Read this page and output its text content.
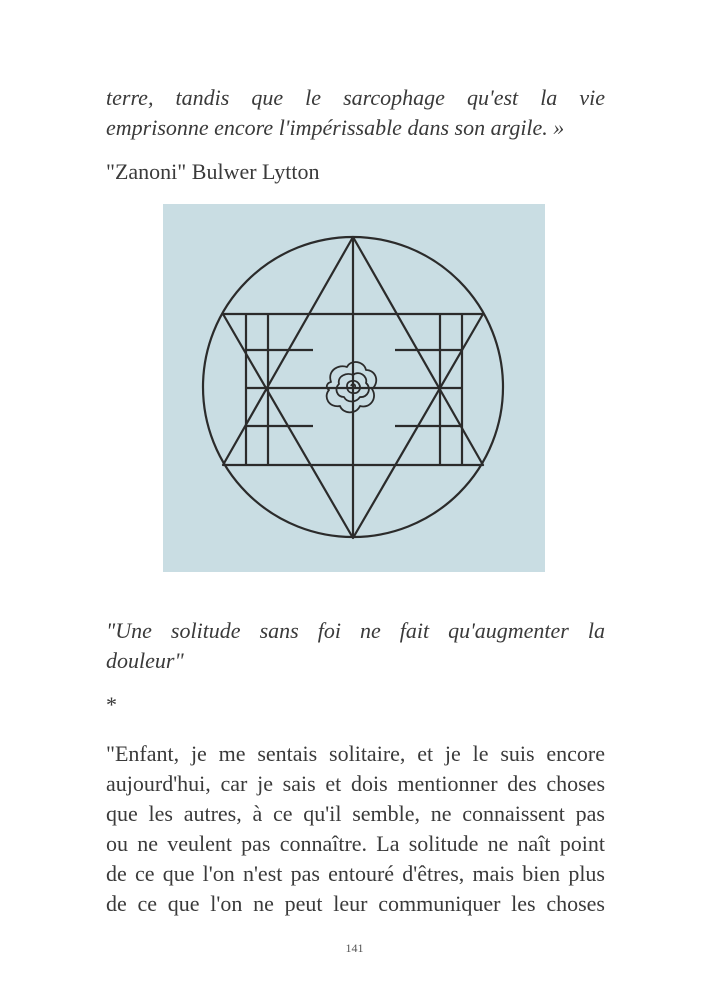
terre, tandis que le sarcophage qu'est la vie
emprisonne encore l'impérissable dans son argile. »
"Zanoni" Bulwer Lytton
"Une solitude sans foi ne fait qu'augmenter la
douleur"
*
"Enfant, je me sentais solitaire, et je le suis encore
aujourd'hui, car je sais et dois mentionner des choses
que les autres, à ce qu'il semble, ne connaissent pas
ou ne veulent pas connaître. La solitude ne naît point
de ce que l'on n'est pas entouré d'êtres, mais bien plus
de ce que l'on ne peut leur communiquer les choses
141
